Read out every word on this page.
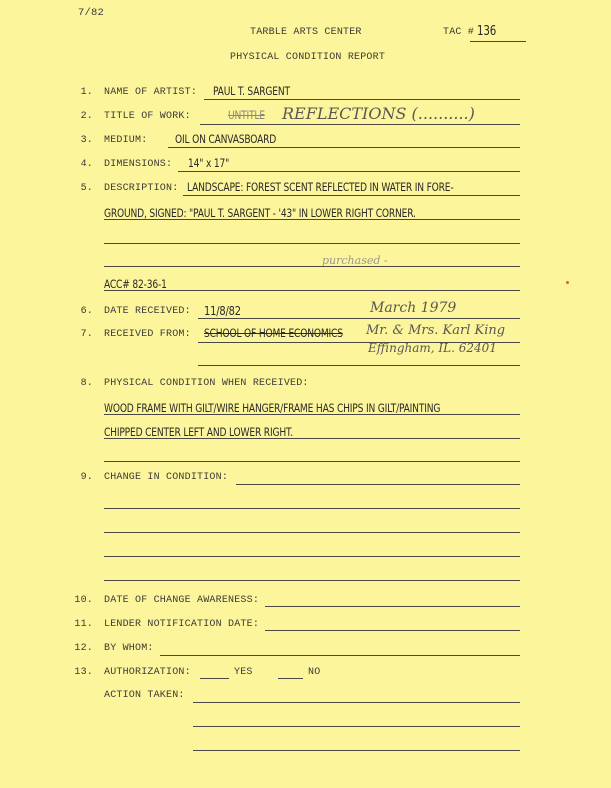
7/82
TARBLE ARTS CENTER	TAC # 136
PHYSICAL CONDITION REPORT
1. NAME OF ARTIST: PAUL T. SARGENT
2. TITLE OF WORK:	UNTITLE REFLECTIONS (..........)
3. MEDIUM: OIL ON CANVASBOARD
4. DIMENSIONS: 14" x 17"
5. DESCRIPTION: LANDSCAPE: FOREST SCENT REFLECTED IN WATER IN FORE-
GROUND, SIGNED: "PAUL T. SARGENT - '43" IN LOWER RIGHT CORNER.
purchased -
ACC# 82-36-1
6. DATE RECEIVED: 11/8/82	March 1979
7. RECEIVED FROM: SCHOOL OF HOME ECONOMICS Mr. & Mrs. Karl King
Effingham, IL. 62401
8. PHYSICAL CONDITION WHEN RECEIVED:
WOOD FRAME WITH GILT/WIRE HANGER/FRAME HAS CHIPS IN GILT/PAINTING
CHIPPED CENTER LEFT AND LOWER RIGHT.
9. CHANGE IN CONDITION:
10. DATE OF CHANGE AWARENESS:
11. LENDER NOTIFICATION DATE:
12. BY WHOM:
13. AUTHORIZATION:	YES	NO
ACTION TAKEN:
